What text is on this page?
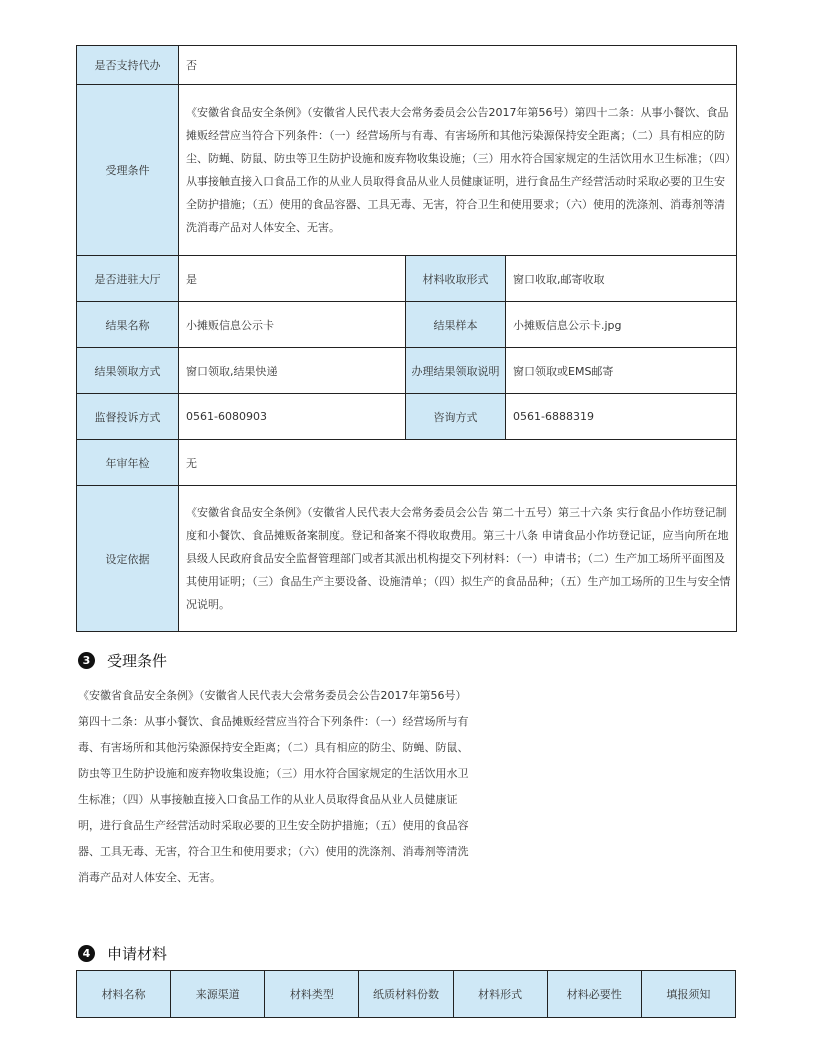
是否支持代办	否		
受理条件	《安徽省食品安全条例》（安徽省人民代表大会常务委员会公告2017年第56号）第四十二条：从事小餐饮、食品摊贩经营应当符合下列条件：（一）经营场所与有毒、有害场所和其他污染源保持安全距离；（二）具有相应的防尘、防蝇、防鼠、防虫等卫生防护设施和废弃物收集设施；（三）用水符合国家规定的生活饮用水卫生标准；（四）从事接触直接入口食品工作的从业人员取得食品从业人员健康证明，进行食品生产经营活动时采取必要的卫生安全防护措施；（五）使用的食品容器、工具无毒、无害，符合卫生和使用要求；（六）使用的洗涤剂、消毒剂等清洗消毒产品对人体安全、无害。		
是否进驻大厅	是	材料收取形式	窗口收取,邮寄收取
结果名称	小摊贩信息公示卡	结果样本	小摊贩信息公示卡.jpg
结果领取方式	窗口领取,结果快递	办理结果领取说明	窗口领取或EMS邮寄
监督投诉方式	0561-6080903	咨询方式	0561-6888319
年审年检	无		
设定依据	《安徽省食品安全条例》（安徽省人民代表大会常务委员会公告 第二十五号）第三十六条 实行食品小作坊登记制度和小餐饮、食品摊贩备案制度。登记和备案不得收取费用。第三十八条 申请食品小作坊登记证，应当向所在地县级人民政府食品安全监督管理部门或者其派出机构提交下列材料：（一）申请书；（二）生产加工场所平面图及其使用证明；（三）食品生产主要设备、设施清单；（四）拟生产的食品品种；（五）生产加工场所的卫生与安全情况说明。		
3	受理条件
《安徽省食品安全条例》（安徽省人民代表大会常务委员会公告2017年第56号）第四十二条：从事小餐饮、食品摊贩经营应当符合下列条件：（一）经营场所与有毒、有害场所和其他污染源保持安全距离；（二）具有相应的防尘、防蝇、防鼠、防虫等卫生防护设施和废弃物收集设施；（三）用水符合国家规定的生活饮用水卫生标准；（四）从事接触直接入口食品工作的从业人员取得食品从业人员健康证明，进行食品生产经营活动时采取必要的卫生安全防护措施；（五）使用的食品容器、工具无毒、无害，符合卫生和使用要求；（六）使用的洗涤剂、消毒剂等清洗消毒产品对人体安全、无害。
4	申请材料
材料名称	来源渠道	材料类型	纸质材料份数	材料形式	材料必要性	填报须知
